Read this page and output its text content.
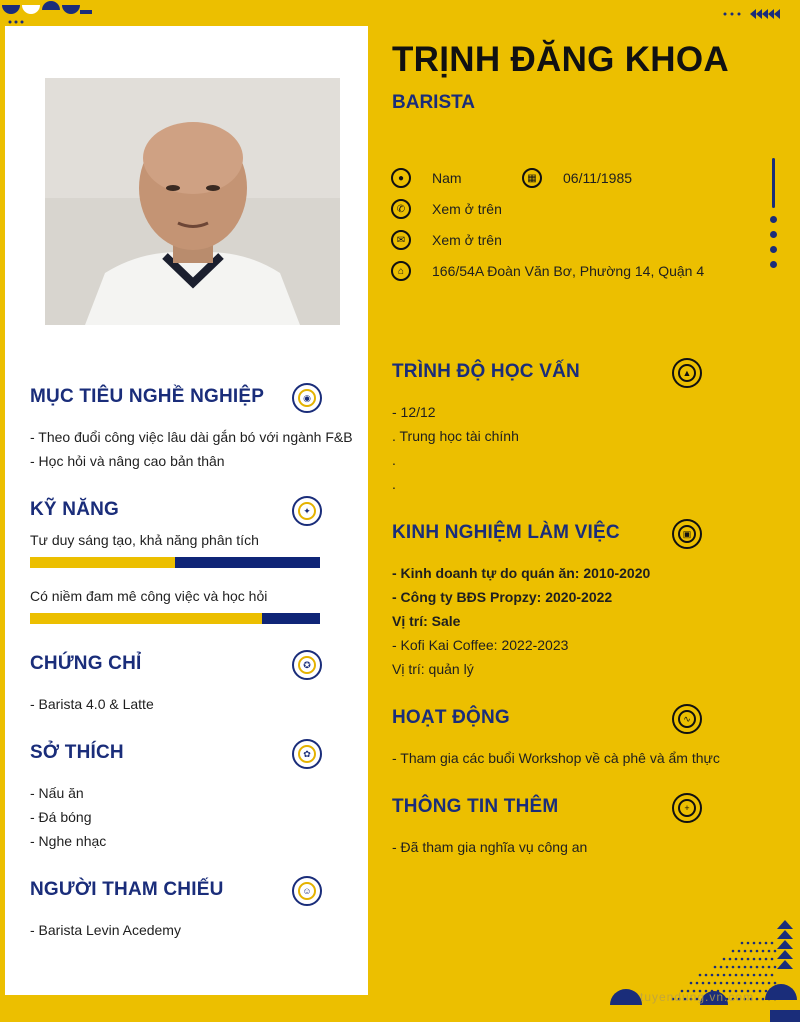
TRỊNH ĐĂNG KHOA
BARISTA
●	Nam	▦	06/11/1985
✆	Xem ở trên
✉	Xem ở trên
⌂	166/54A Đoàn Văn Bơ, Phường 14, Quận 4
MỤC TIÊU NGHỀ NGHIỆP	◉
- Theo đuổi công việc lâu dài gắn bó với ngành F&B
- Học hỏi và nâng cao bản thân
KỸ NĂNG	✦
Tư duy sáng tạo, khả năng phân tích
Có niềm đam mê công việc và học hỏi
CHỨNG CHỈ	✪
- Barista 4.0 & Latte
SỞ THÍCH	✿
- Nấu ăn
- Đá bóng
- Nghe nhạc
NGƯỜI THAM CHIẾU	☺
- Barista Levin Acedemy
TRÌNH ĐỘ HỌC VẤN	▲
- 12/12
. Trung học tài chính
.
.
KINH NGHIỆM LÀM VIỆC	▣
- Kinh doanh tự do quán ăn: 2010-2020
- Công ty BĐS Propzy: 2020-2022
Vị trí: Sale
- Kofi Kai Coffee: 2022-2023
Vị trí: quản lý
HOẠT ĐỘNG	∿
- Tham gia các buổi Workshop về cà phê và ẩm thực
THÔNG TIN THÊM	+
- Đã tham gia nghĩa vụ công an
tuyendung.vn.com
